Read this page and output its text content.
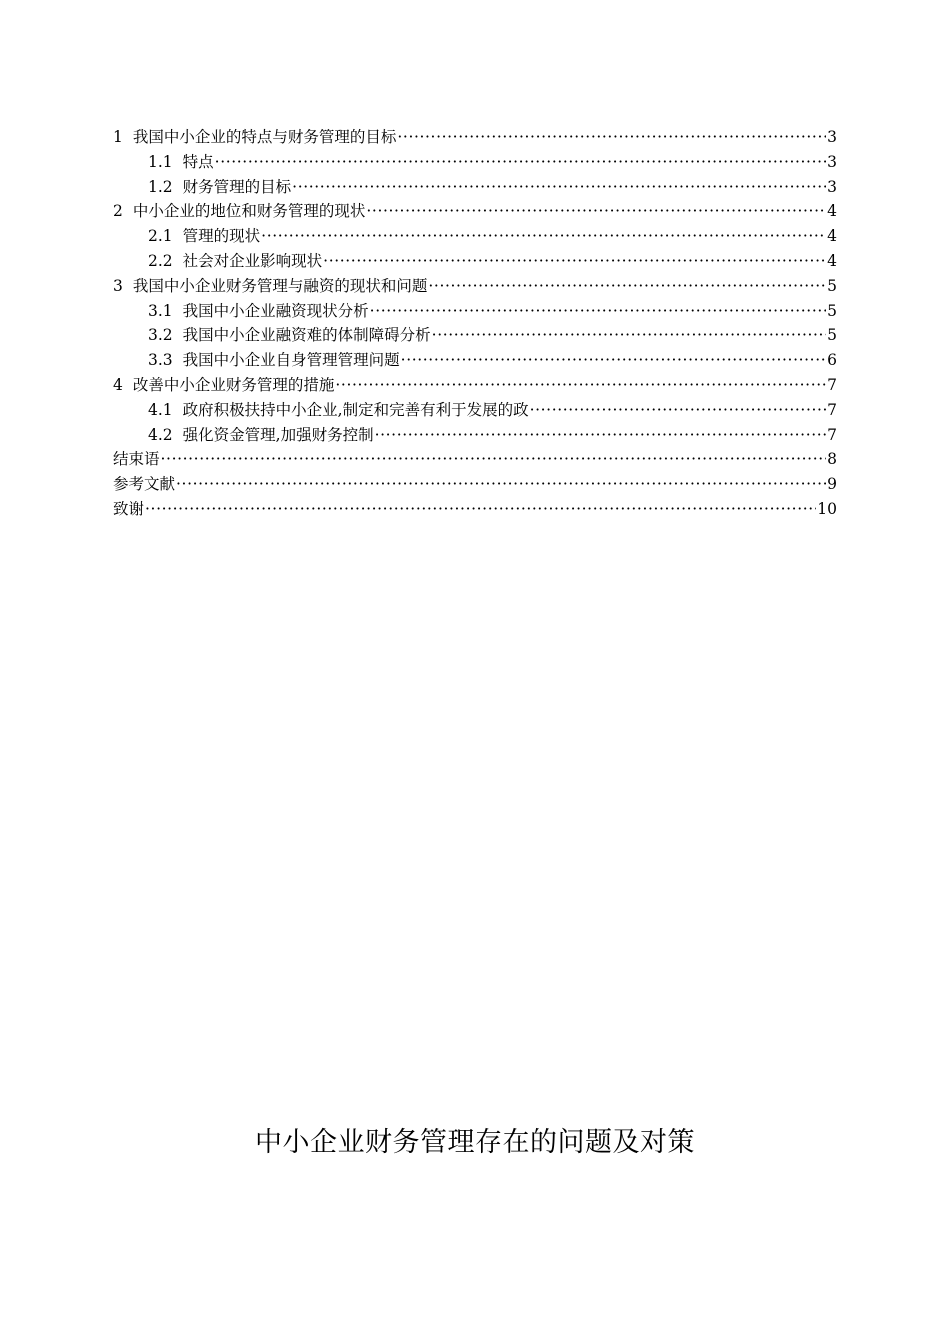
1 我国中小企业的特点与财务管理的目标 ·····	3
1.1 特点 ·····	3
1.2 财务管理的目标 ·····	3
2 中小企业的地位和财务管理的现状 ·····	4
2.1 管理的现状 ·····	4
2.2 社会对企业影响现状 ·····	4
3 我国中小企业财务管理与融资的现状和问题 ·····	5
3.1 我国中小企业融资现状分析 ·····	5
3.2 我国中小企业融资难的体制障碍分析 ·····	5
3.3 我国中小企业自身管理管理问题 ·····	6
4 改善中小企业财务管理的措施 ·····	7
4.1 政府积极扶持中小企业,制定和完善有利于发展的政 ·····	7
4.2 强化资金管理,加强财务控制 ·····	7
结束语 ·····	8
参考文献 ·····	9
致谢 ·····	10
中小企业财务管理存在的问题及对策
